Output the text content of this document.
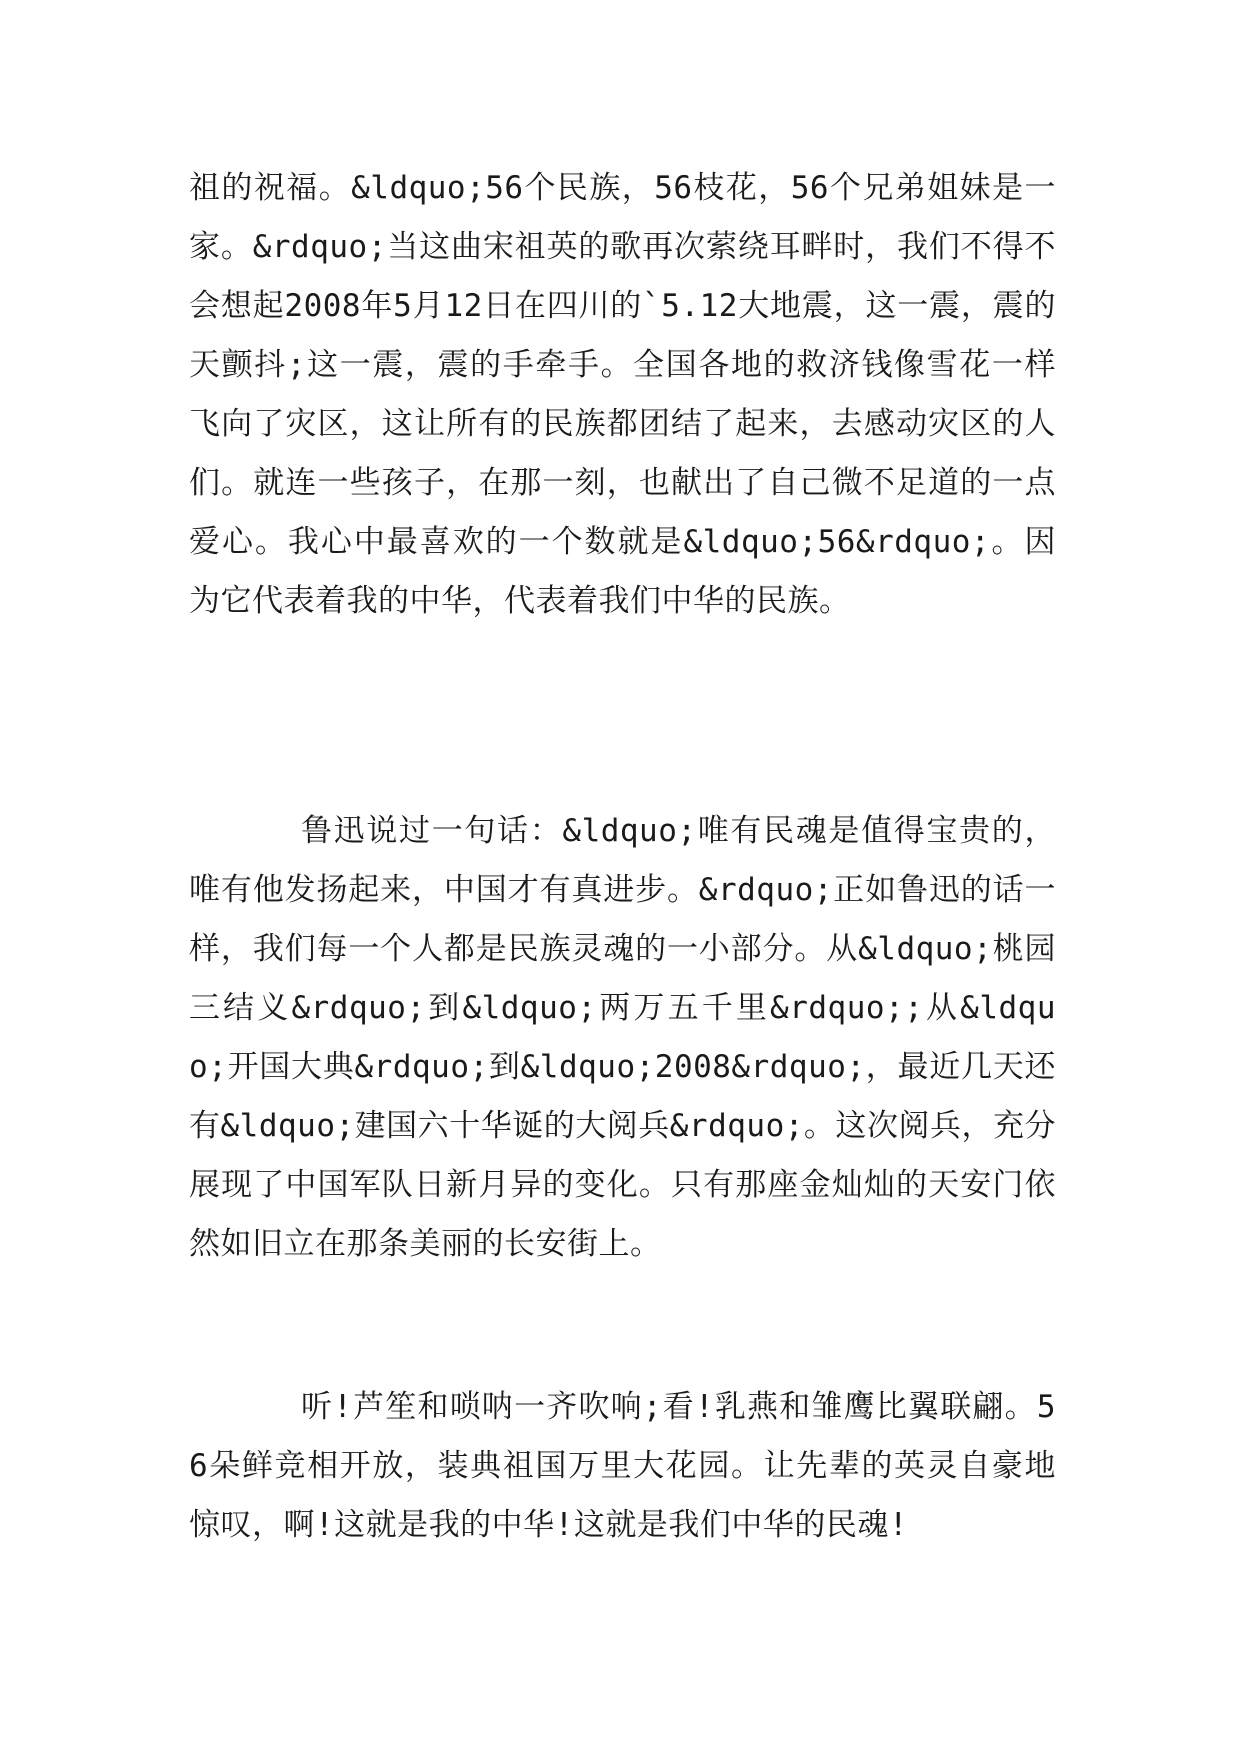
祖的祝福。&ldquo;56个民族，56枝花，56个兄弟姐妹是一家。&rdquo;当这曲宋祖英的歌再次萦绕耳畔时，我们不得不会想起2008年5月12日在四川的`5.12大地震，这一震，震的天颤抖;这一震，震的手牵手。全国各地的救济钱像雪花一样飞向了灾区，这让所有的民族都团结了起来，去感动灾区的人们。就连一些孩子，在那一刻，也献出了自己微不足道的一点爱心。我心中最喜欢的一个数就是&ldquo;56&rdquo;。因为它代表着我的中华，代表着我们中华的民族。

鲁迅说过一句话：&ldquo;唯有民魂是值得宝贵的，唯有他发扬起来，中国才有真进步。&rdquo;正如鲁迅的话一样，我们每一个人都是民族灵魂的一小部分。从&ldquo;桃园三结义&rdquo;到&ldquo;两万五千里&rdquo;;从&ldquo;开国大典&rdquo;到&ldquo;2008&rdquo;，最近几天还有&ldquo;建国六十华诞的大阅兵&rdquo;。这次阅兵，充分展现了中国军队日新月异的变化。只有那座金灿灿的天安门依然如旧立在那条美丽的长安街上。

听!芦笙和唢呐一齐吹响;看!乳燕和雏鹰比翼联翩。56朵鲜竞相开放，装典祖国万里大花园。让先辈的英灵自豪地惊叹，啊!这就是我的中华!这就是我们中华的民魂!
